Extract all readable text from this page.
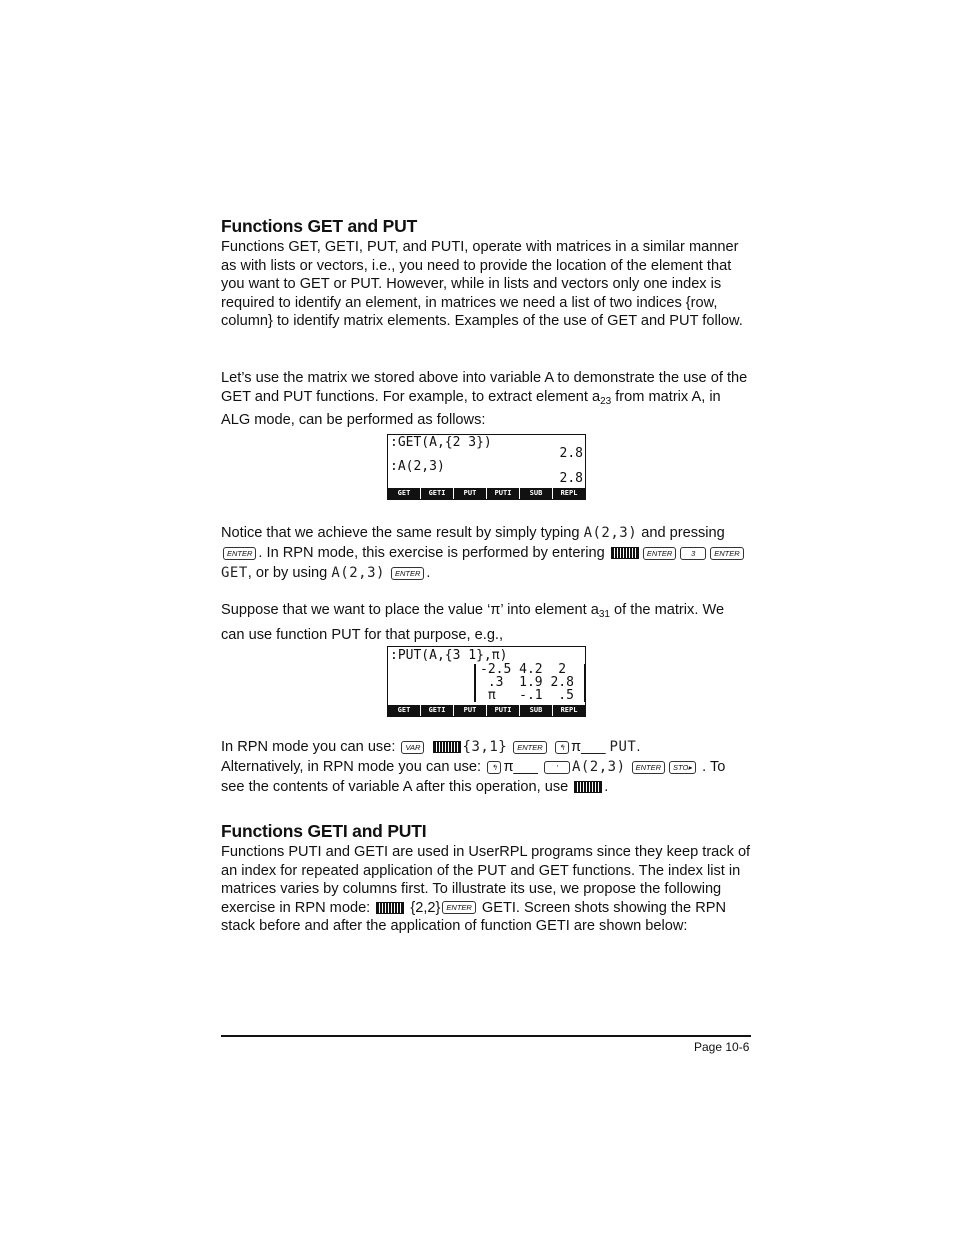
Functions GET and PUT

Functions GET, GETI, PUT, and PUTI, operate with matrices in a similar manner as with lists or vectors, i.e., you need to provide the location of the element that you want to GET or PUT. However, while in lists and vectors only one index is required to identify an element, in matrices we need a list of two indices {row, column} to identify matrix elements. Examples of the use of GET and PUT follow.

Let’s use the matrix we stored above into variable A to demonstrate the use of the GET and PUT functions. For example, to extract element $a_{23}$ from matrix A, in ALG mode, can be performed as follows:

:GET(A,{2 3})
2.8
:A(2,3)
2.8
GET	GETI	PUT	PUTI	SUB	REPL

Notice that we achieve the same result by simply typing A(2,3) and pressing
ENTER . In RPN mode, this exercise is performed by entering	ENTER	3	ENTER
GET, or by using A(2,3) ENTER .

Suppose that we want to place the value ‘π’ into element $a_{31}$ of the matrix. We can use function PUT for that purpose, e.g.,

:PUT(A,{3 1},π)
-2.5 4.2  2
.3  1.9 2.8
π   -.1  .5
GET	GETI	PUT	PUTI	SUB	REPL

In RPN mode you can use: VAR	{3,1} ENTER ↰ π___ PUT.
Alternatively, in RPN mode you can use: ↰ π___ ' A(2,3) ENTER STO▸ . To see the contents of variable A after this operation, use .

Functions GETI and PUTI

Functions PUTI and GETI are used in UserRPL programs since they keep track of an index for repeated application of the PUT and GET functions. The index list in matrices varies by columns first. To illustrate its use, we propose the following exercise in RPN mode:  {2,2} ENTER GETI. Screen shots showing the RPN stack before and after the application of function GETI are shown below:

Page 10-6
